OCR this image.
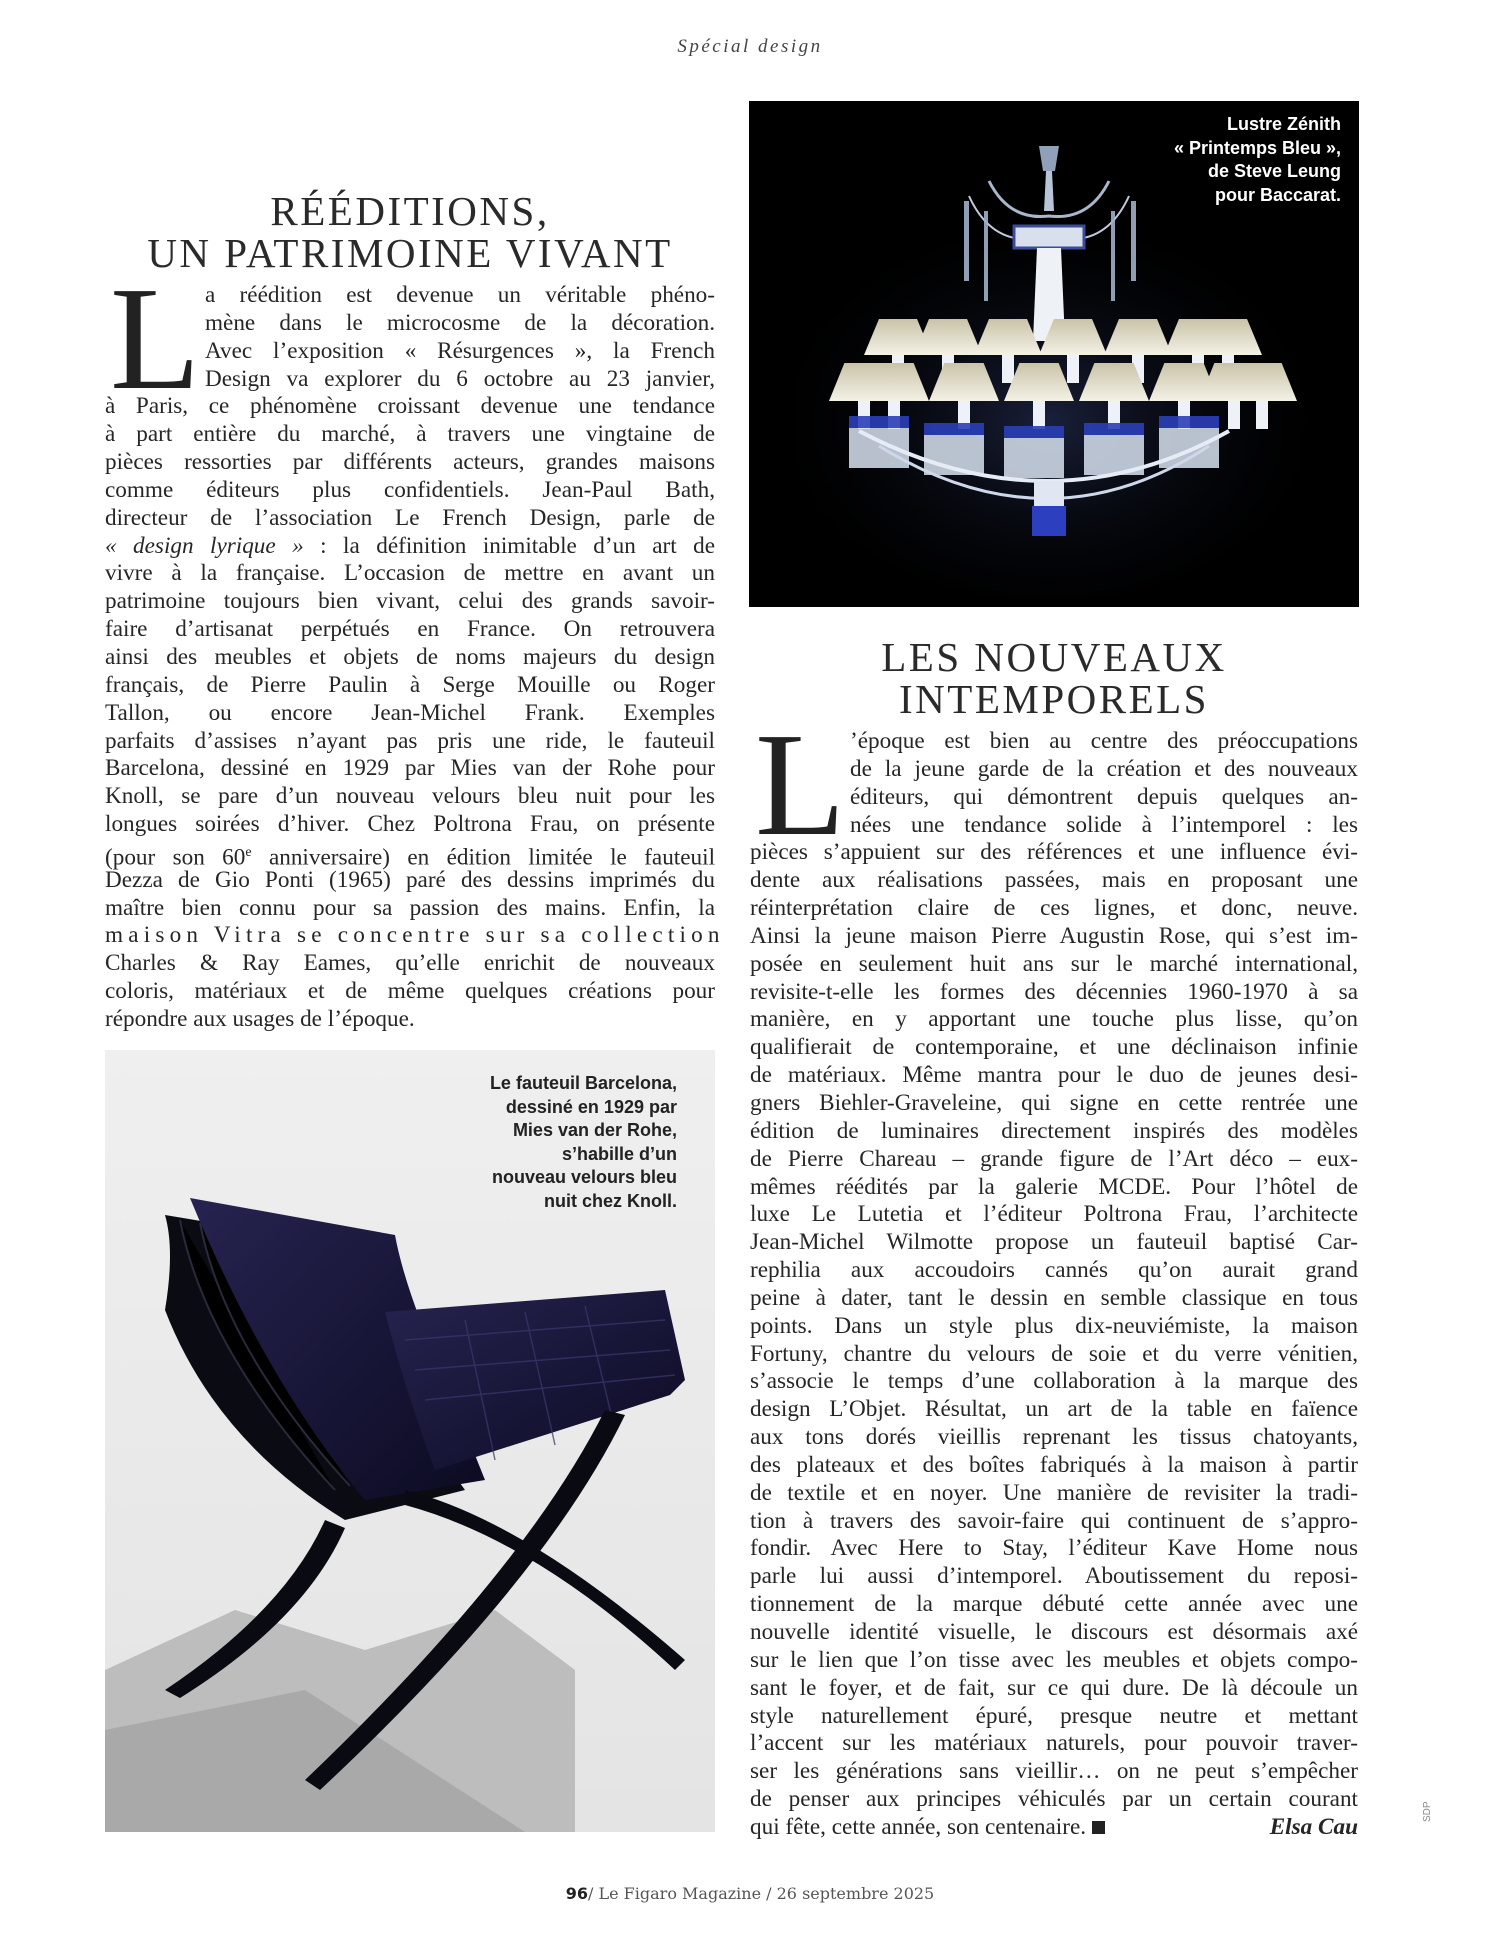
Spécial design
RÉÉDITIONS,
UN PATRIMOINE VIVANT
L a réédition est devenue un véritable phéno-
mène dans le microcosme de la décoration.
Avec l’exposition « Résurgences », la French
Design va explorer du 6 octobre au 23 janvier,
à Paris, ce phénomène croissant devenue une tendance
à part entière du marché, à travers une vingtaine de
pièces ressorties par différents acteurs, grandes maisons
comme éditeurs plus confidentiels. Jean-Paul Bath,
directeur de l’association Le French Design, parle de
« design lyrique » : la définition inimitable d’un art de
vivre à la française. L’occasion de mettre en avant un
patrimoine toujours bien vivant, celui des grands savoir-
faire d’artisanat perpétués en France. On retrouvera
ainsi des meubles et objets de noms majeurs du design
français, de Pierre Paulin à Serge Mouille ou Roger
Tallon, ou encore Jean-Michel Frank. Exemples
parfaits d’assises n’ayant pas pris une ride, le fauteuil
Barcelona, dessiné en 1929 par Mies van der Rohe pour
Knoll, se pare d’un nouveau velours bleu nuit pour les
longues soirées d’hiver. Chez Poltrona Frau, on présente
(pour son 60e anniversaire) en édition limitée le fauteuil
Dezza de Gio Ponti (1965) paré des dessins imprimés du
maître bien connu pour sa passion des mains. Enfin, la
maison Vitra se concentre sur sa collection
Charles & Ray Eames, qu’elle enrichit de nouveaux
coloris, matériaux et de même quelques créations pour
répondre aux usages de l’époque.
Lustre Zénith
« Printemps Bleu »,
de Steve Leung
pour Baccarat.
LES NOUVEAUX
INTEMPORELS
L ’époque est bien au centre des préoccupations
de la jeune garde de la création et des nouveaux
éditeurs, qui démontrent depuis quelques an-
nées une tendance solide à l’intemporel : les
pièces s’appuient sur des références et une influence évi-
dente aux réalisations passées, mais en proposant une
réinterprétation claire de ces lignes, et donc, neuve.
Ainsi la jeune maison Pierre Augustin Rose, qui s’est im-
posée en seulement huit ans sur le marché international,
revisite-t-elle les formes des décennies 1960-1970 à sa
manière, en y apportant une touche plus lisse, qu’on
qualifierait de contemporaine, et une déclinaison infinie
de matériaux. Même mantra pour le duo de jeunes desi-
gners Biehler-Graveleine, qui signe en cette rentrée une
édition de luminaires directement inspirés des modèles
de Pierre Chareau – grande figure de l’Art déco – eux-
mêmes réédités par la galerie MCDE. Pour l’hôtel de
luxe Le Lutetia et l’éditeur Poltrona Frau, l’architecte
Jean-Michel Wilmotte propose un fauteuil baptisé Car-
rephilia aux accoudoirs cannés qu’on aurait grand
peine à dater, tant le dessin en semble classique en tous
points. Dans un style plus dix-neuviémiste, la maison
Fortuny, chantre du velours de soie et du verre vénitien,
s’associe le temps d’une collaboration à la marque des
design L’Objet. Résultat, un art de la table en faïence
aux tons dorés vieillis reprenant les tissus chatoyants,
des plateaux et des boîtes fabriqués à la maison à partir
de textile et en noyer. Une manière de revisiter la tradi-
tion à travers des savoir-faire qui continuent de s’appro-
fondir. Avec Here to Stay, l’éditeur Kave Home nous
parle lui aussi d’intemporel. Aboutissement du reposi-
tionnement de la marque débuté cette année avec une
nouvelle identité visuelle, le discours est désormais axé
sur le lien que l’on tisse avec les meubles et objets compo-
sant le foyer, et de fait, sur ce qui dure. De là découle un
style naturellement épuré, presque neutre et mettant
l’accent sur les matériaux naturels, pour pouvoir traver-
ser les générations sans vieillir… on ne peut s’empêcher
de penser aux principes véhiculés par un certain courant
qui fête, cette année, son centenaire.	Elsa Cau
Le fauteuil Barcelona,
dessiné en 1929 par
Mies van der Rohe,
s’habille d’un
nouveau velours bleu
nuit chez Knoll.
SDP
96/ Le Figaro Magazine / 26 septembre 2025
